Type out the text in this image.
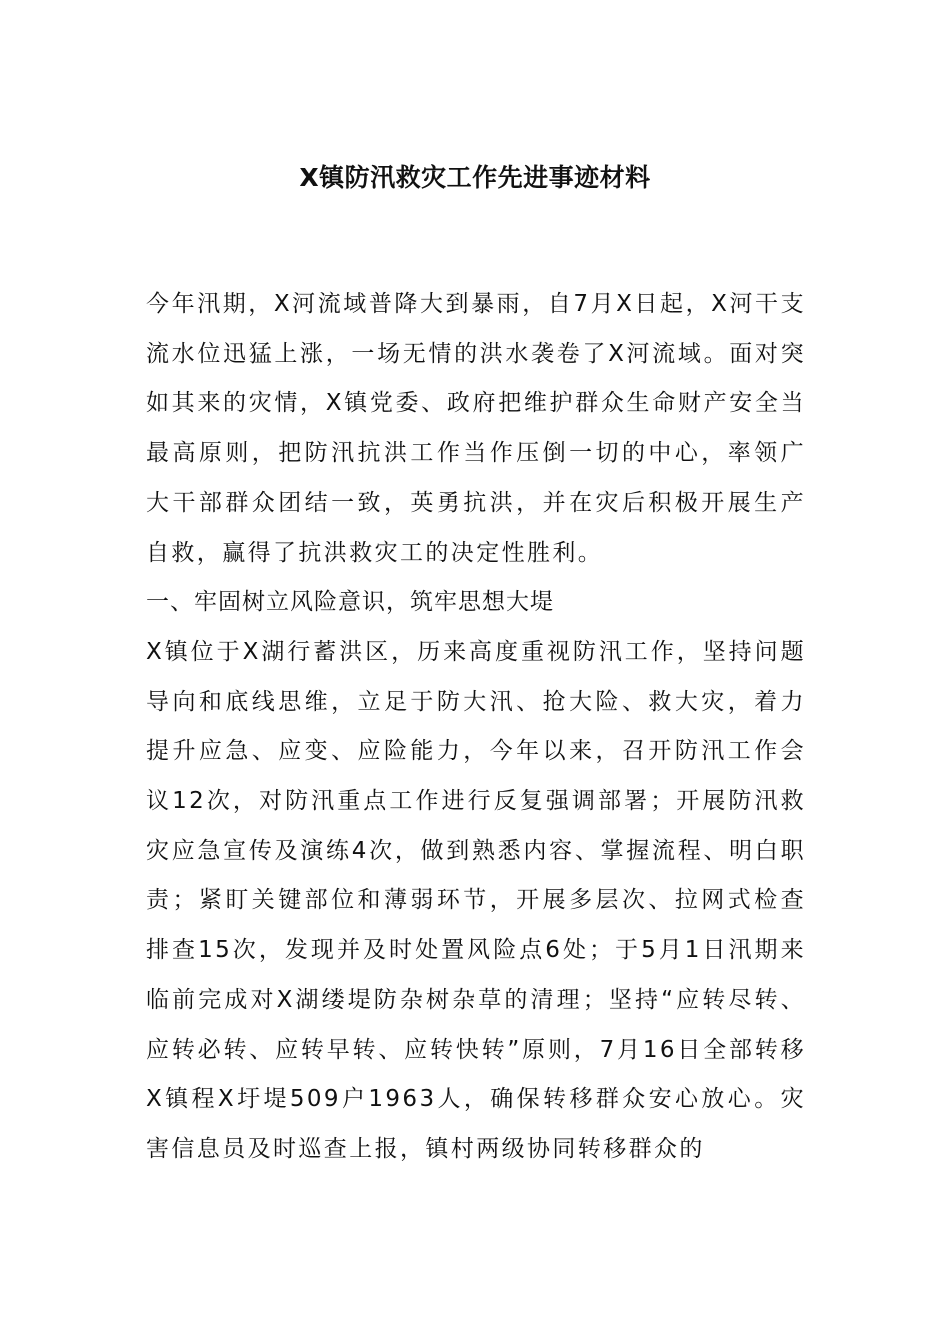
X镇防汛救灾工作先进事迹材料

今年汛期，X河流域普降大到暴雨，自7月X日起，X河干支流水位迅猛上涨，一场无情的洪水袭卷了X河流域。面对突如其来的灾情，X镇党委、政府把维护群众生命财产安全当最高原则，把防汛抗洪工作当作压倒一切的中心，率领广大干部群众团结一致，英勇抗洪，并在灾后积极开展生产自救，赢得了抗洪救灾工的决定性胜利。

一、牢固树立风险意识，筑牢思想大堤

X镇位于X湖行蓄洪区，历来高度重视防汛工作，坚持问题导向和底线思维，立足于防大汛、抢大险、救大灾，着力提升应急、应变、应险能力，今年以来，召开防汛工作会议12次，对防汛重点工作进行反复强调部署；开展防汛救灾应急宣传及演练4次，做到熟悉内容、掌握流程、明白职责；紧盯关键部位和薄弱环节，开展多层次、拉网式检查排查15次，发现并及时处置风险点6处；于5月1日汛期来临前完成对X湖缕堤防杂树杂草的清理；坚持“应转尽转、应转必转、应转早转、应转快转”原则，7月16日全部转移X镇程X圩堤509户1963人，确保转移群众安心放心。灾害信息员及时巡查上报，镇村两级协同转移群众的
